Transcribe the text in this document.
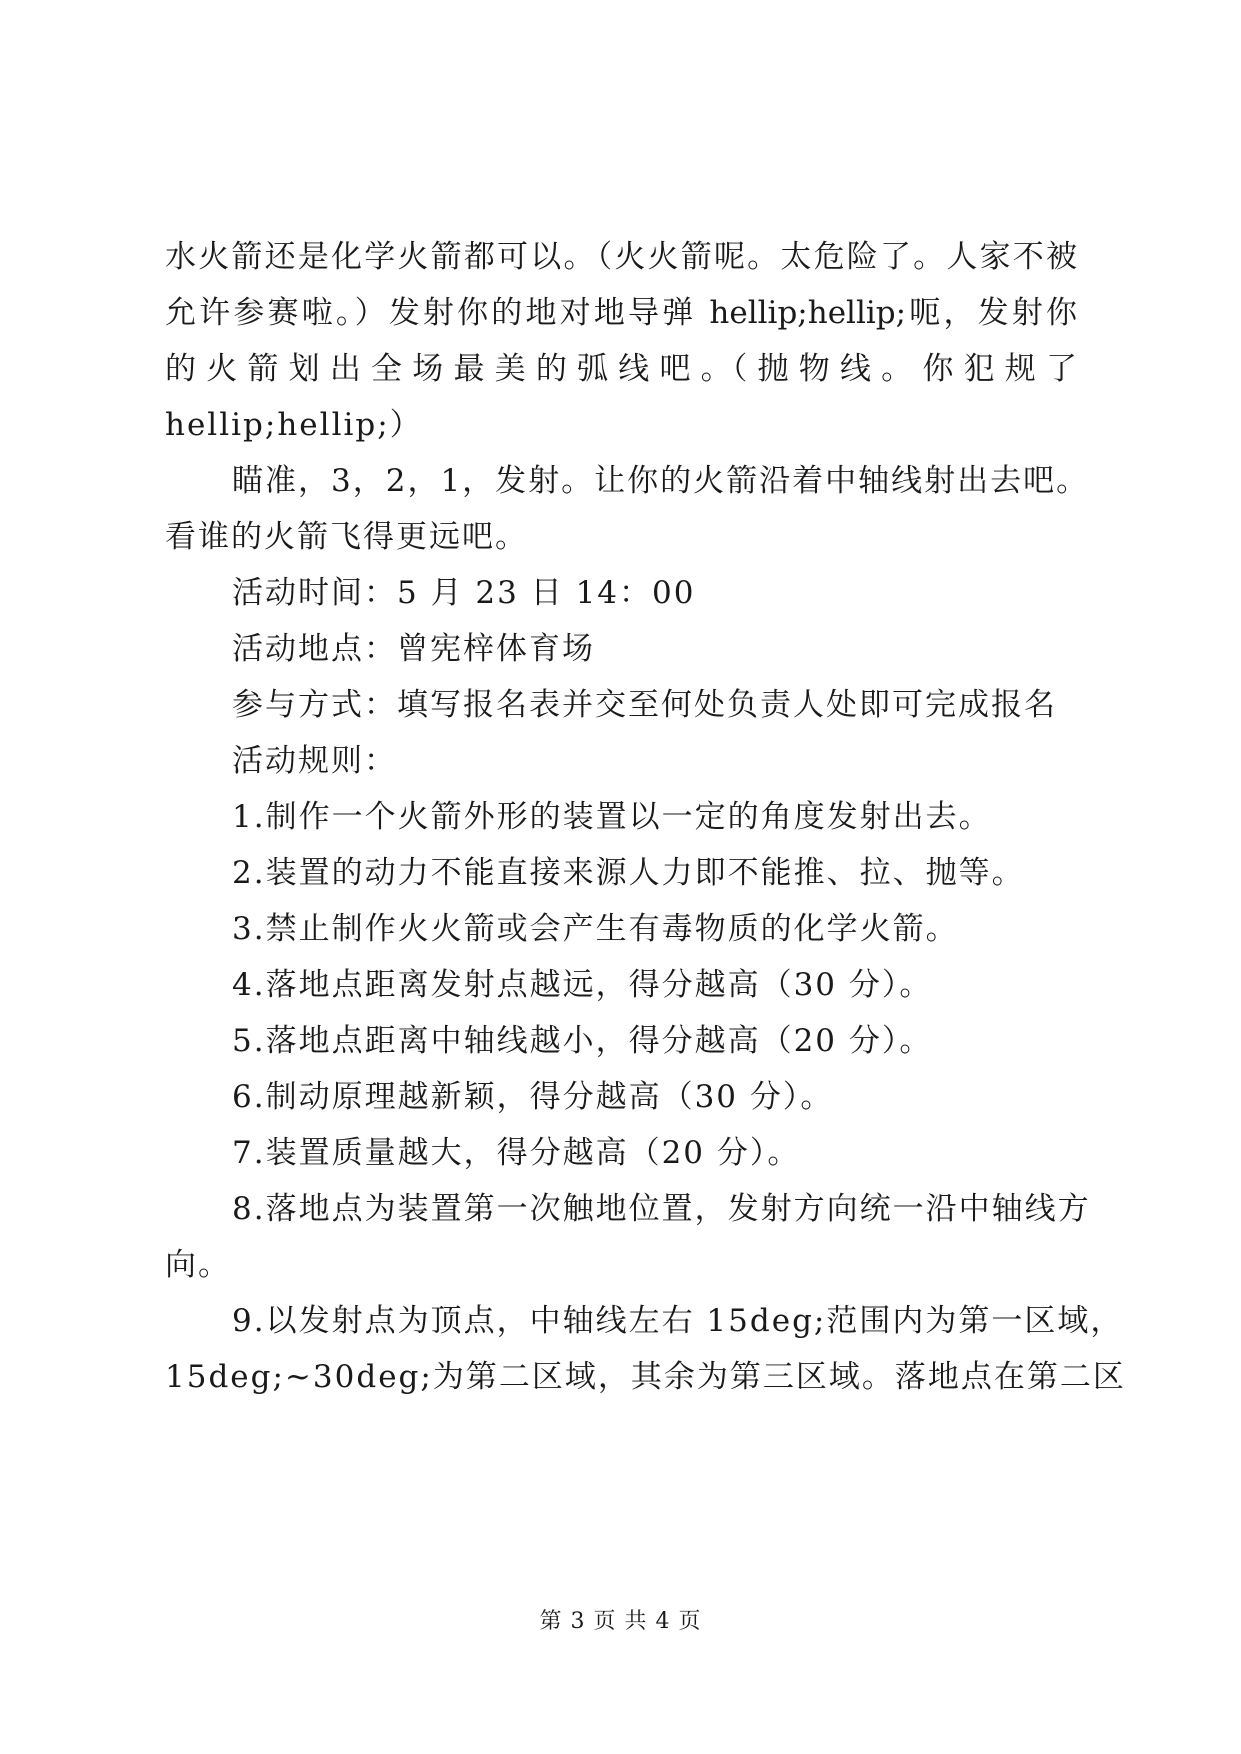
水火箭还是化学火箭都可以。（火火箭呢。太危险了。人家不被
允许参赛啦。）发射你的地对地导弹 hellip;hellip;呃，发射你
的 火 箭 划 出 全 场 最 美 的 弧 线 吧 。（ 抛 物 线 。 你 犯 规 了
hellip;hellip;）
瞄准，3，2，1，发射。让你的火箭沿着中轴线射出去吧。
看谁的火箭飞得更远吧。
活动时间：5 月 23 日 14：00
活动地点：曾宪梓体育场
参与方式：填写报名表并交至何处负责人处即可完成报名
活动规则：
1.制作一个火箭外形的装置以一定的角度发射出去。
2.装置的动力不能直接来源人力即不能推、拉、抛等。
3.禁止制作火火箭或会产生有毒物质的化学火箭。
4.落地点距离发射点越远，得分越高（30 分）。
5.落地点距离中轴线越小，得分越高（20 分）。
6.制动原理越新颖，得分越高（30 分）。
7.装置质量越大，得分越高（20 分）。
8.落地点为装置第一次触地位置，发射方向统一沿中轴线方
向。
9.以发射点为顶点，中轴线左右 15deg;范围内为第一区域，
15deg;~30deg;为第二区域，其余为第三区域。落地点在第二区
第 3 页 共 4 页
